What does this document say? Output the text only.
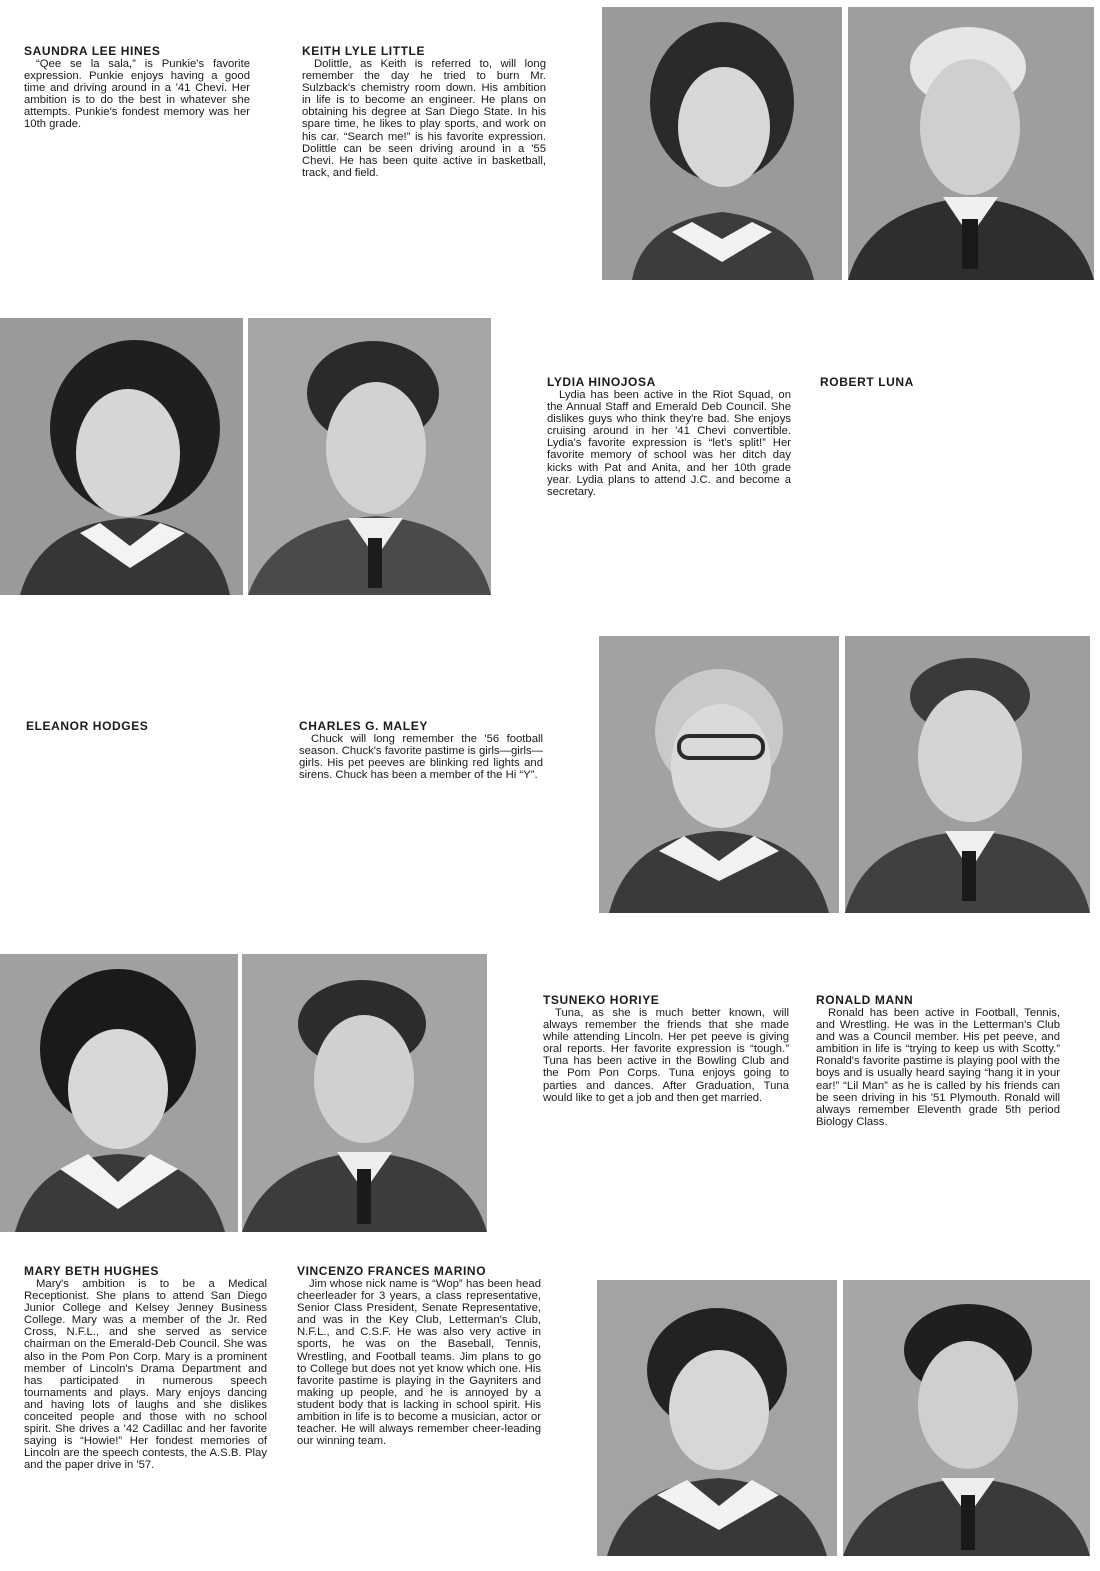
SAUNDRA LEE HINES

“Qee se la sala,” is Punkie's favorite expression. Punkie enjoys having a good time and driving around in a '41 Chevi. Her ambition is to do the best in whatever she attempts. Punkie's fondest memory was her 10th grade.

KEITH LYLE LITTLE

Dolittle, as Keith is referred to, will long remember the day he tried to burn Mr. Sulzback's chemistry room down. His ambition in life is to become an engineer. He plans on obtaining his degree at San Diego State. In his spare time, he likes to play sports, and work on his car. “Search me!” is his favorite expression. Dolittle can be seen driving around in a '55 Chevi. He has been quite active in basketball, track, and field.

LYDIA HINOJOSA

Lydia has been active in the Riot Squad, on the Annual Staff and Emerald Deb Council. She dislikes guys who think they're bad. She enjoys cruising around in her '41 Chevi convertible. Lydia's favorite expression is “let's split!” Her favorite memory of school was her ditch day kicks with Pat and Anita, and her 10th grade year. Lydia plans to attend J.C. and become a secretary.

ROBERT LUNA

ELEANOR HODGES	CHARLES G. MALEY

Chuck will long remember the '56 football season. Chuck's favorite pastime is girls—girls—girls. His pet peeves are blinking red lights and sirens. Chuck has been a member of the Hi “Y”.

TSUNEKO HORIYE

Tuna, as she is much better known, will always remember the friends that she made while attending Lincoln. Her pet peeve is giving oral reports. Her favorite expression is “tough.” Tuna has been active in the Bowling Club and the Pom Pon Corps. Tuna enjoys going to parties and dances. After Graduation, Tuna would like to get a job and then get married.

RONALD MANN

Ronald has been active in Football, Tennis, and Wrestling. He was in the Letterman's Club and was a Council member. His pet peeve, and ambition in life is “trying to keep us with Scotty.” Ronald's favorite pastime is playing pool with the boys and is usually heard saying “hang it in your ear!” “Lil Man” as he is called by his friends can be seen driving in his '51 Plymouth. Ronald will always remember Eleventh grade 5th period Biology Class.

MARY BETH HUGHES

Mary's ambition is to be a Medical Receptionist. She plans to attend San Diego Junior College and Kelsey Jenney Business College. Mary was a member of the Jr. Red Cross, N.F.L., and she served as service chairman on the Emerald-Deb Council. She was also in the Pom Pon Corp. Mary is a prominent member of Lincoln's Drama Department and has participated in numerous speech tournaments and plays. Mary enjoys dancing and having lots of laughs and she dislikes conceited people and those with no school spirit. She drives a '42 Cadillac and her favorite saying is “Howie!” Her fondest memories of Lincoln are the speech contests, the A.S.B. Play and the paper drive in '57.

VINCENZO FRANCES MARINO

Jim whose nick name is “Wop” has been head cheerleader for 3 years, a class representative, Senior Class President, Senate Representative, and was in the Key Club, Letterman's Club, N.F.L., and C.S.F. He was also very active in sports, he was on the Baseball, Tennis, Wrestling, and Football teams. Jim plans to go to College but does not yet know which one. His favorite pastime is playing in the Gayniters and making up people, and he is annoyed by a student body that is lacking in school spirit. His ambition in life is to become a musician, actor or teacher. He will always remember cheer-leading our winning team.
